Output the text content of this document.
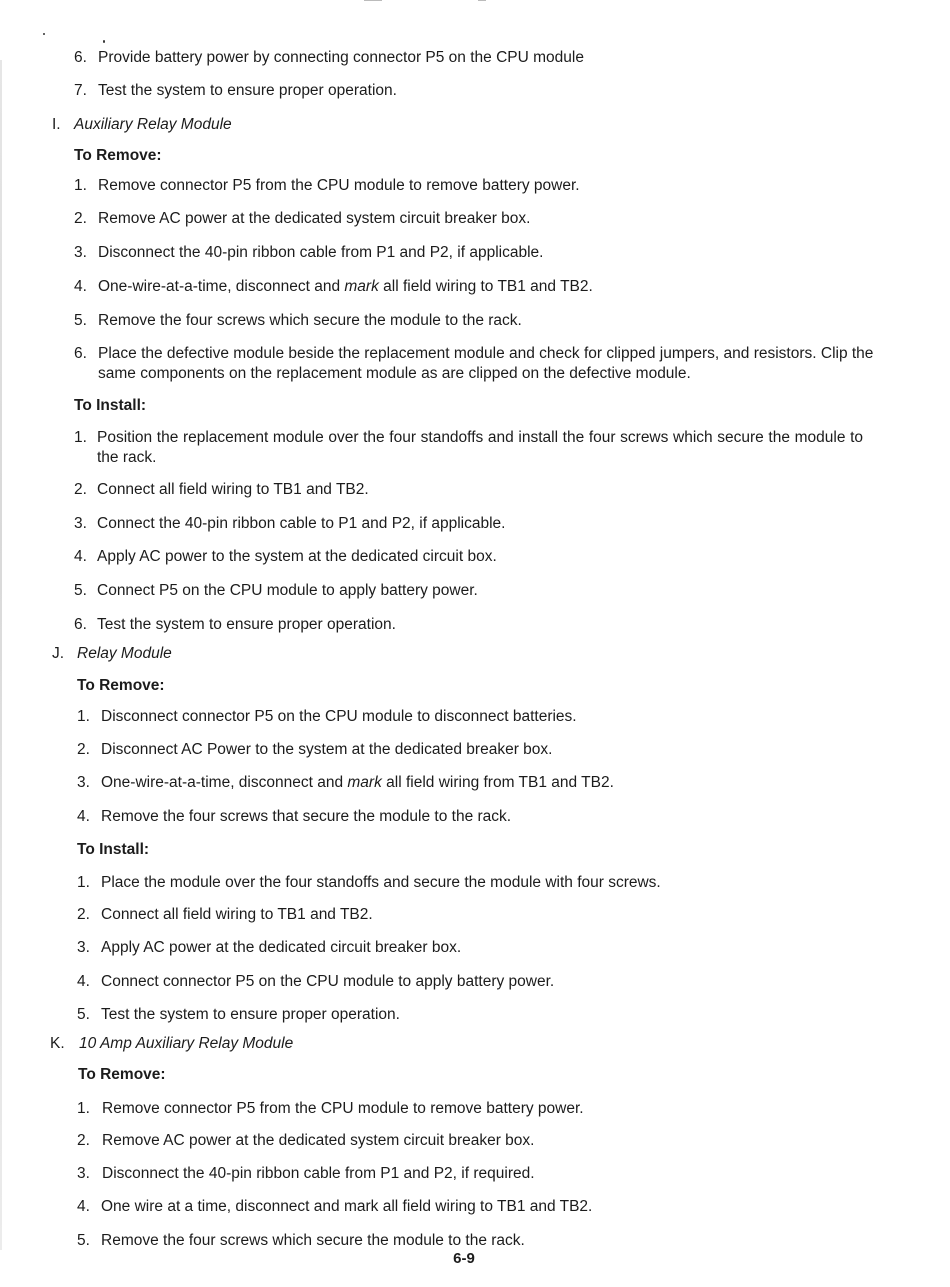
6. Provide battery power by connecting connector P5 on the CPU module
7. Test the system to ensure proper operation.
I. Auxiliary Relay Module
To Remove:
1. Remove connector P5 from the CPU module to remove battery power.
2. Remove AC power at the dedicated system circuit breaker box.
3. Disconnect the 40-pin ribbon cable from P1 and P2, if applicable.
4. One-wire-at-a-time, disconnect and mark all field wiring to TB1 and TB2.
5. Remove the four screws which secure the module to the rack.
6. Place the defective module beside the replacement module and check for clipped jumpers, and resistors. Clip the same components on the replacement module as are clipped on the defective module.
To Install:
1. Position the replacement module over the four standoffs and install the four screws which secure the module to the rack.
2. Connect all field wiring to TB1 and TB2.
3. Connect the 40-pin ribbon cable to P1 and P2, if applicable.
4. Apply AC power to the system at the dedicated circuit box.
5. Connect P5 on the CPU module to apply battery power.
6. Test the system to ensure proper operation.
J. Relay Module
To Remove:
1. Disconnect connector P5 on the CPU module to disconnect batteries.
2. Disconnect AC Power to the system at the dedicated breaker box.
3. One-wire-at-a-time, disconnect and mark all field wiring from TB1 and TB2.
4. Remove the four screws that secure the module to the rack.
To Install:
1. Place the module over the four standoffs and secure the module with four screws.
2. Connect all field wiring to TB1 and TB2.
3. Apply AC power at the dedicated circuit breaker box.
4. Connect connector P5 on the CPU module to apply battery power.
5. Test the system to ensure proper operation.
K. 10 Amp Auxiliary Relay Module
To Remove:
1. Remove connector P5 from the CPU module to remove battery power.
2. Remove AC power at the dedicated system circuit breaker box.
3. Disconnect the 40-pin ribbon cable from P1 and P2, if required.
4. One wire at a time, disconnect and mark all field wiring to TB1 and TB2.
5. Remove the four screws which secure the module to the rack.
6-9
